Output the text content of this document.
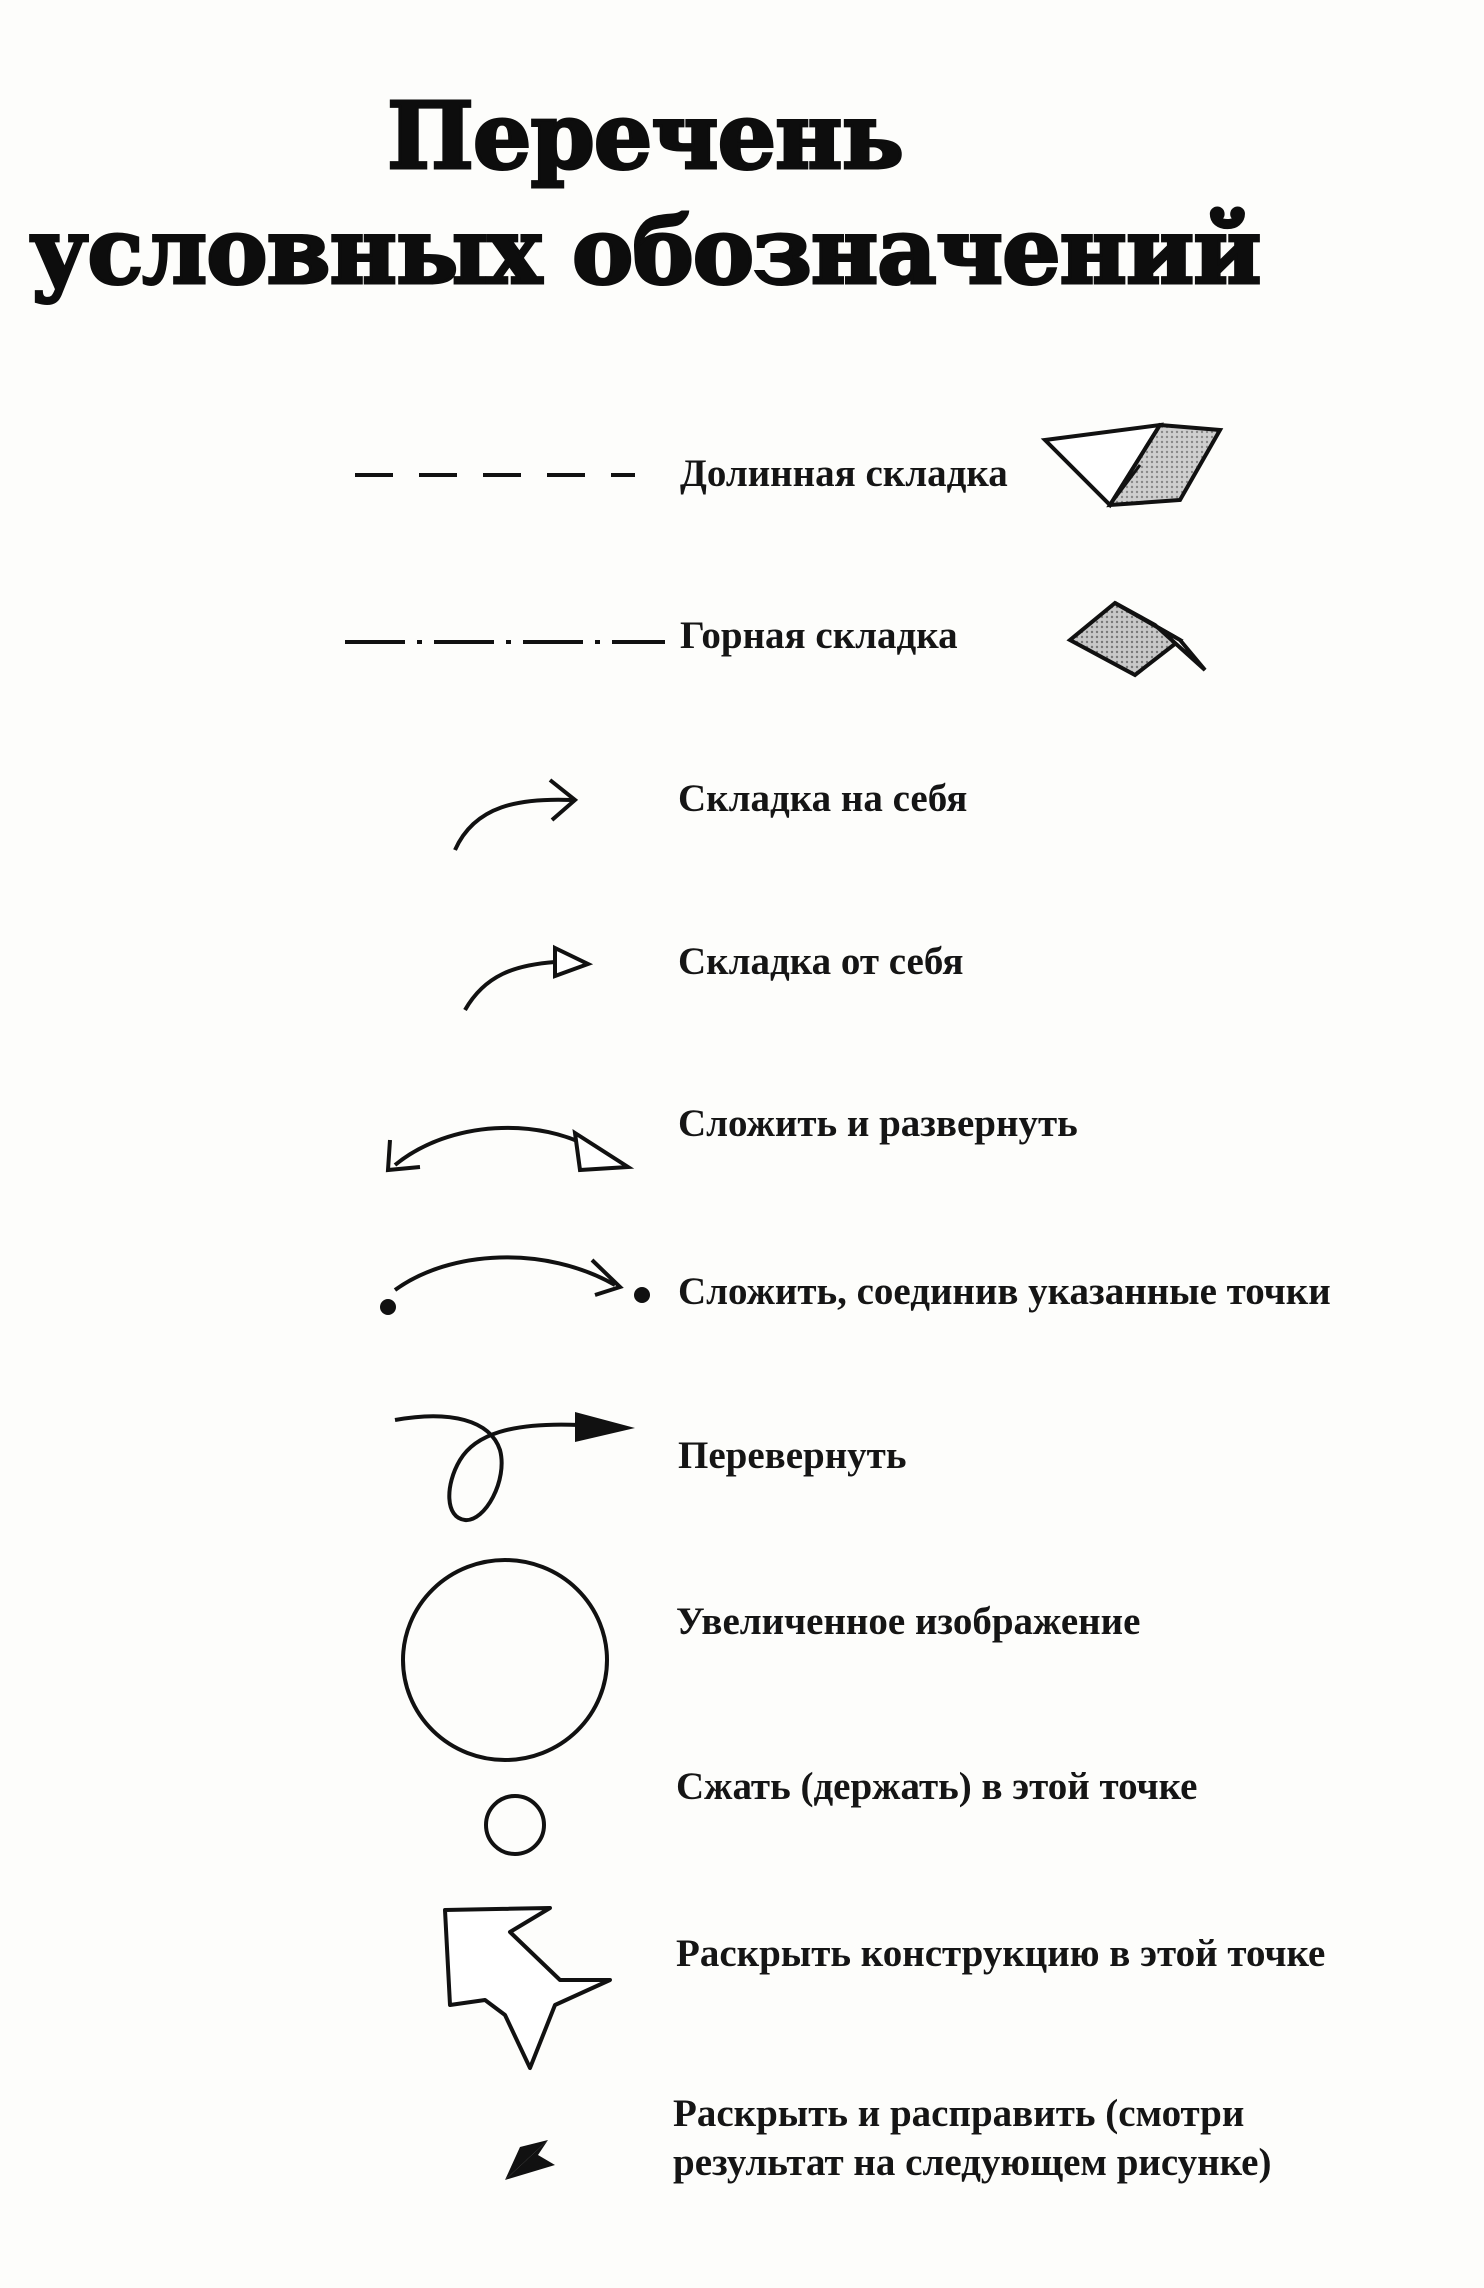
Перечень
условных обозначений
Долинная складка
Горная складка
Складка на себя
Складка от себя
Сложить и развернуть
Сложить, соединив указанные точки
Перевернуть
Увеличенное изображение
Сжать (держать) в этой точке
Раскрыть конструкцию в этой точке
Раскрыть и расправить (смотри результат на следующем рисунке)
